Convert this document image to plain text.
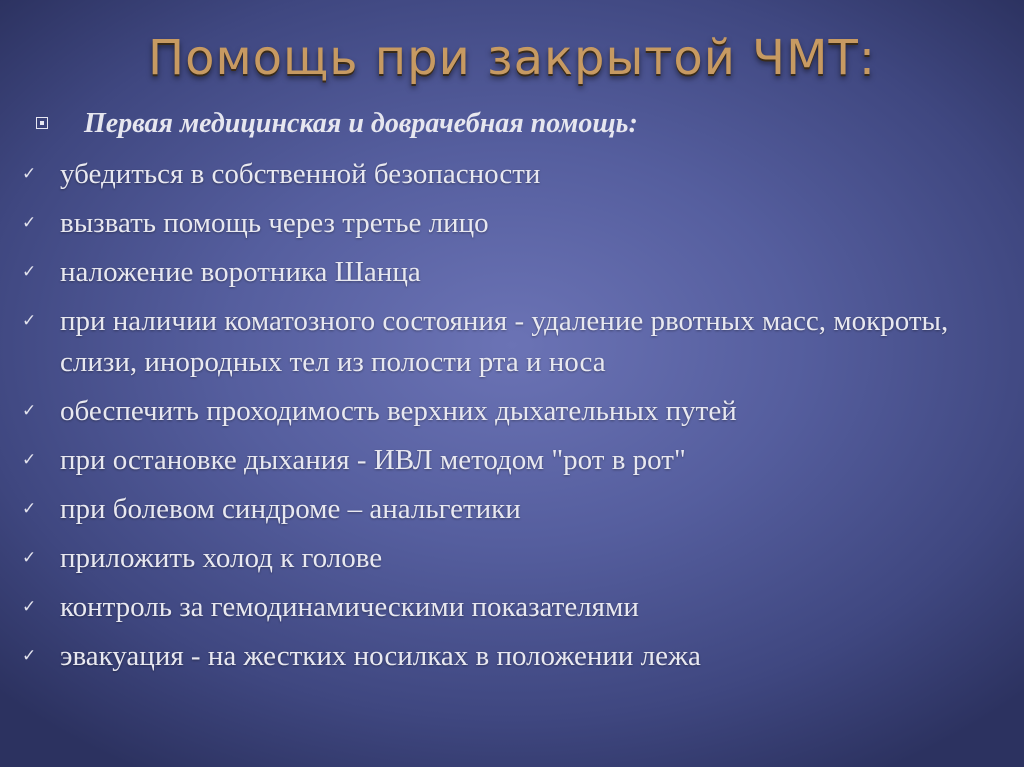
Помощь при закрытой ЧМТ:

Первая медицинская и доврачебная помощь:

✓ убедиться в собственной безопасности
✓ вызвать помощь через третье лицо
✓ наложение воротника Шанца
✓ при наличии коматозного состояния - удаление рвотных масс, мокроты, слизи, инородных тел из полости рта и носа
✓ обеспечить проходимость верхних дыхательных путей
✓ при остановке дыхания - ИВЛ методом "рот в рот"
✓ при болевом синдроме – анальгетики
✓ приложить холод к голове
✓ контроль за гемодинамическими показателями
✓ эвакуация - на жестких носилках в положении лежа
